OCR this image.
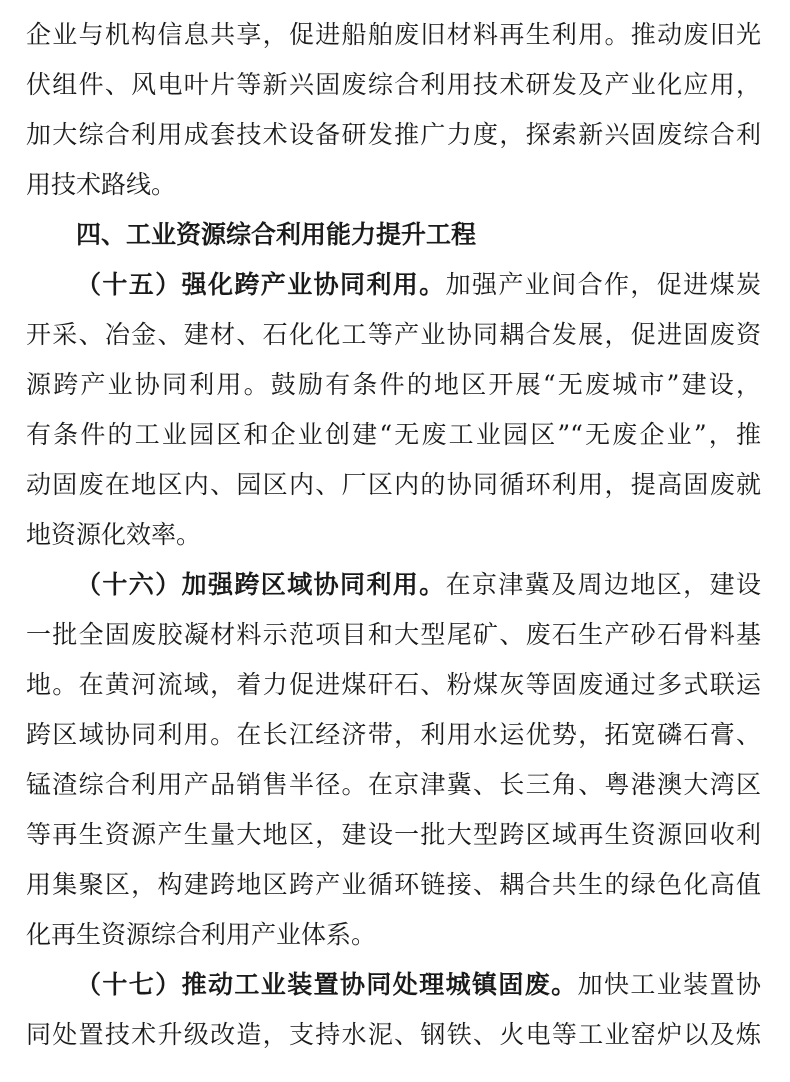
企业与机构信息共享，促进船舶废旧材料再生利用。推动废旧光
伏组件、风电叶片等新兴固废综合利用技术研发及产业化应用，
加大综合利用成套技术设备研发推广力度，探索新兴固废综合利
用技术路线。
四、工业资源综合利用能力提升工程
（十五）强化跨产业协同利用。加强产业间合作，促进煤炭
开采、冶金、建材、石化化工等产业协同耦合发展，促进固废资
源跨产业协同利用。鼓励有条件的地区开展“无废城市”建设，
有条件的工业园区和企业创建“无废工业园区”“无废企业”，推
动固废在地区内、园区内、厂区内的协同循环利用，提高固废就
地资源化效率。
（十六）加强跨区域协同利用。在京津冀及周边地区，建设
一批全固废胶凝材料示范项目和大型尾矿、废石生产砂石骨料基
地。在黄河流域，着力促进煤矸石、粉煤灰等固废通过多式联运
跨区域协同利用。在长江经济带，利用水运优势，拓宽磷石膏、
锰渣综合利用产品销售半径。在京津冀、长三角、粤港澳大湾区
等再生资源产生量大地区，建设一批大型跨区域再生资源回收利
用集聚区，构建跨地区跨产业循环链接、耦合共生的绿色化高值
化再生资源综合利用产业体系。
（十七）推动工业装置协同处理城镇固废。加快工业装置协
同处置技术升级改造，支持水泥、钢铁、火电等工业窑炉以及炼
